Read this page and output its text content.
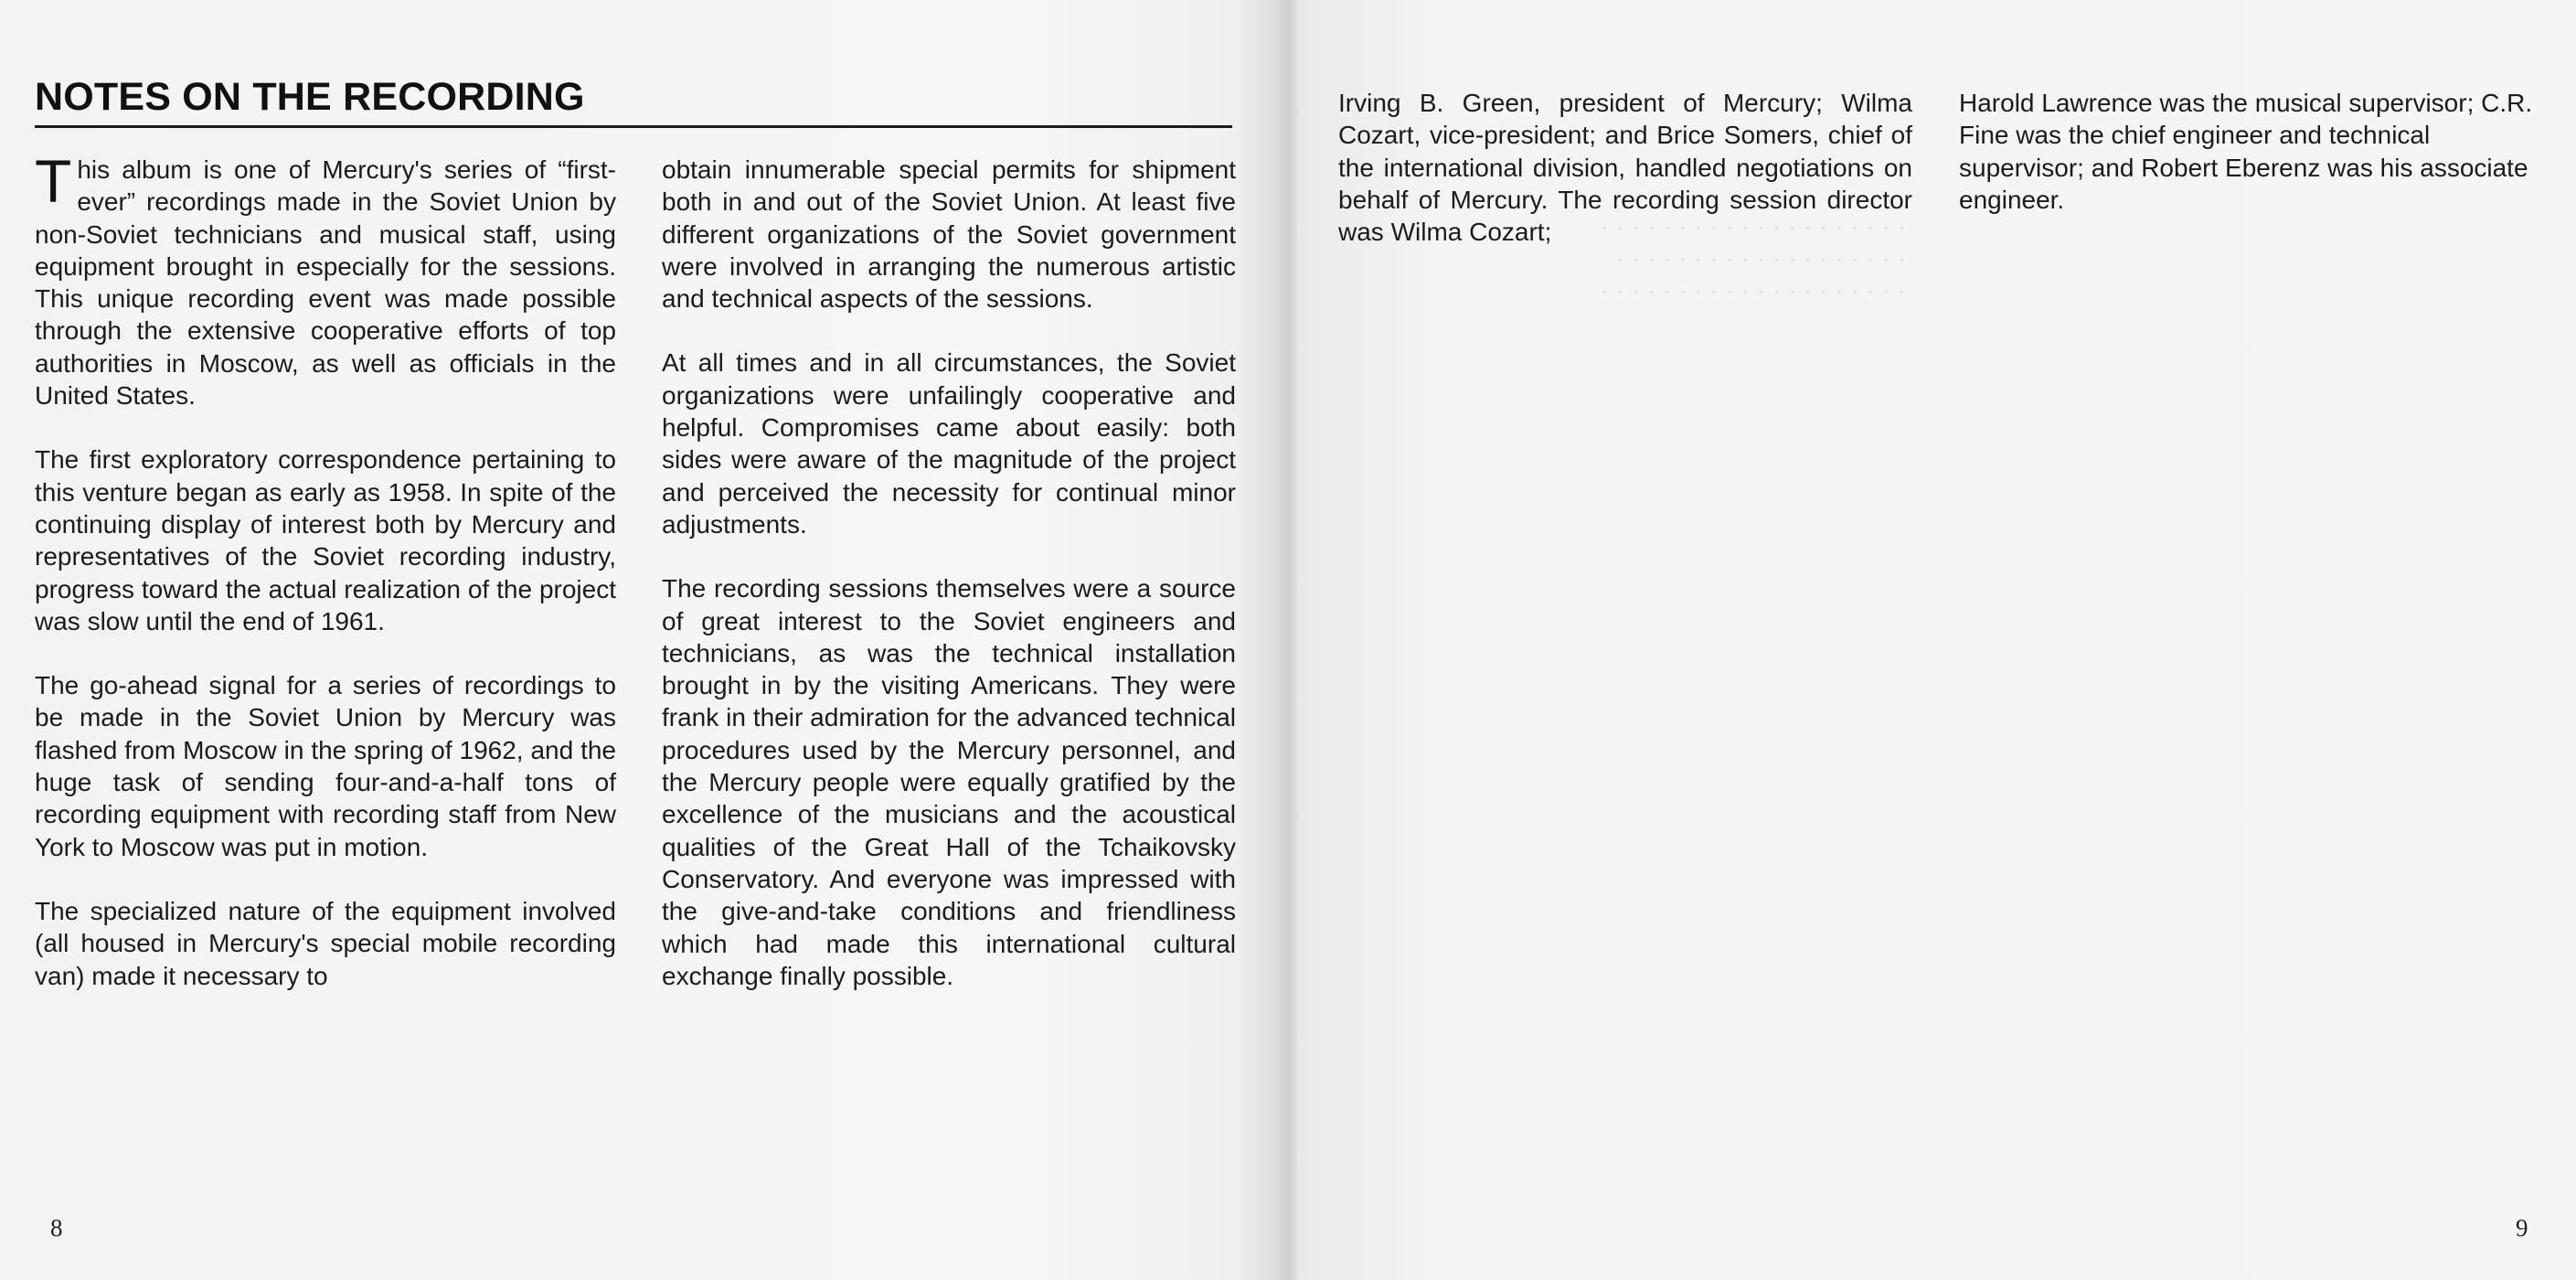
· · · · · · · · · · · · · · · · · · · ·
· · · · · · · · · · · · · · · · · · ·
· · · · · · · · · · · · · · · · · · · ·
NOTES ON THE RECORDING

This album is one of Mercury's series of “first-ever” recordings made in the Soviet Union by non-Soviet technicians and musical staff, using equipment brought in especially for the sessions. This unique recording event was made possible through the extensive cooperative efforts of top authorities in Moscow, as well as officials in the United States.

The first exploratory correspondence pertaining to this venture began as early as 1958. In spite of the continuing display of interest both by Mercury and representatives of the Soviet recording industry, progress toward the actual realization of the project was slow until the end of 1961.

The go-ahead signal for a series of recordings to be made in the Soviet Union by Mercury was flashed from Moscow in the spring of 1962, and the huge task of sending four-and-a-half tons of recording equipment with recording staff from New York to Moscow was put in motion.

The specialized nature of the equipment involved (all housed in Mercury's special mobile recording van) made it necessary to

obtain innumerable special permits for shipment both in and out of the Soviet Union. At least five different organizations of the Soviet government were involved in arranging the numerous artistic and technical aspects of the sessions.

At all times and in all circumstances, the Soviet organizations were unfailingly cooperative and helpful. Compromises came about easily: both sides were aware of the magnitude of the project and perceived the necessity for continual minor adjustments.

The recording sessions themselves were a source of great interest to the Soviet engineers and technicians, as was the technical installation brought in by the visiting Americans. They were frank in their admiration for the advanced technical procedures used by the Mercury personnel, and the Mercury people were equally gratified by the excellence of the musicians and the acoustical qualities of the Great Hall of the Tchaikovsky Conservatory. And everyone was impressed with the give-and-take conditions and friendliness which had made this international cultural exchange finally possible.

8

Irving B. Green, president of Mercury; Wilma Cozart, vice-president; and Brice Somers, chief of the international division, handled negotiations on behalf of Mercury. The recording session director was Wilma Cozart;

Harold Lawrence was the musical supervisor; C.R. Fine was the chief engineer and technical supervisor; and Robert Eberenz was his associate engineer.

9
